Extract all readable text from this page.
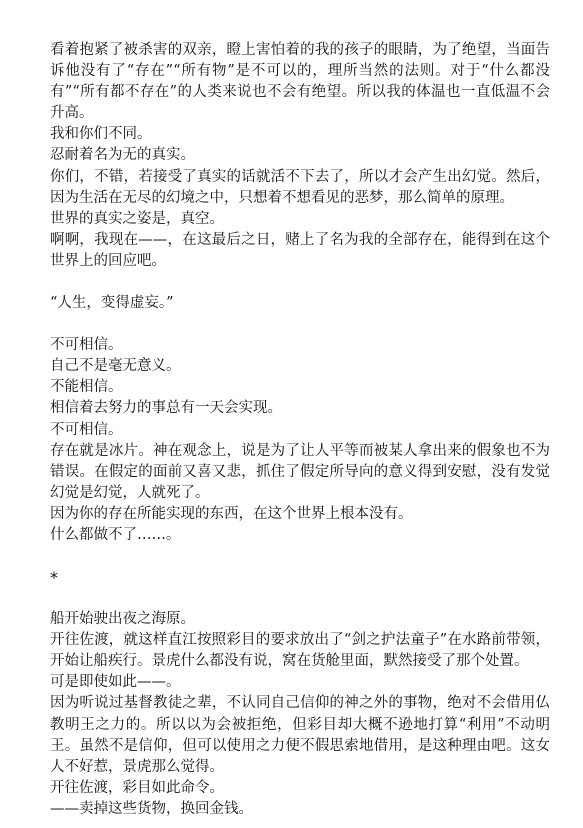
看着抱紧了被杀害的双亲，瞪上害怕着的我的孩子的眼睛，为了绝望，当面告诉他没有了“存在”“所有物”是不可以的，理所当然的法则。对于“什么都没有”“所有都不存在”的人类来说也不会有绝望。所以我的体温也一直低温不会升高。

我和你们不同。

忍耐着名为无的真实。

你们，不错，若接受了真实的话就活不下去了，所以才会产生出幻觉。然后，因为生活在无尽的幻境之中，只想着不想看见的恶梦，那么简单的原理。

世界的真实之姿是，真空。

啊啊，我现在——，在这最后之日，赌上了名为我的全部存在，能得到在这个世界上的回应吧。

“人生，变得虚妄。”

不可相信。

自己不是毫无意义。

不能相信。

相信着去努力的事总有一天会实现。

不可相信。

存在就是冰片。神在观念上，说是为了让人平等而被某人拿出来的假象也不为错误。在假定的面前又喜又悲，抓住了假定所导向的意义得到安慰，没有发觉幻觉是幻觉，人就死了。

因为你的存在所能实现的东西，在这个世界上根本没有。

什么都做不了……。

*

船开始驶出夜之海原。

开往佐渡，就这样直江按照彩目的要求放出了“剑之护法童子”在水路前带领，开始让船疾行。景虎什么都没有说，窝在货舱里面，默然接受了那个处置。

可是即使如此——。

因为听说过基督教徒之辈，不认同自己信仰的神之外的事物，绝对不会借用仏教明王之力的。所以以为会被拒绝，但彩目却大概不逊地打算“利用”不动明王。虽然不是信仰，但可以使用之力便不假思索地借用，是这种理由吧。这女人不好惹，景虎那么觉得。

开往佐渡，彩目如此命令。

——卖掉这些货物，换回金钱。
